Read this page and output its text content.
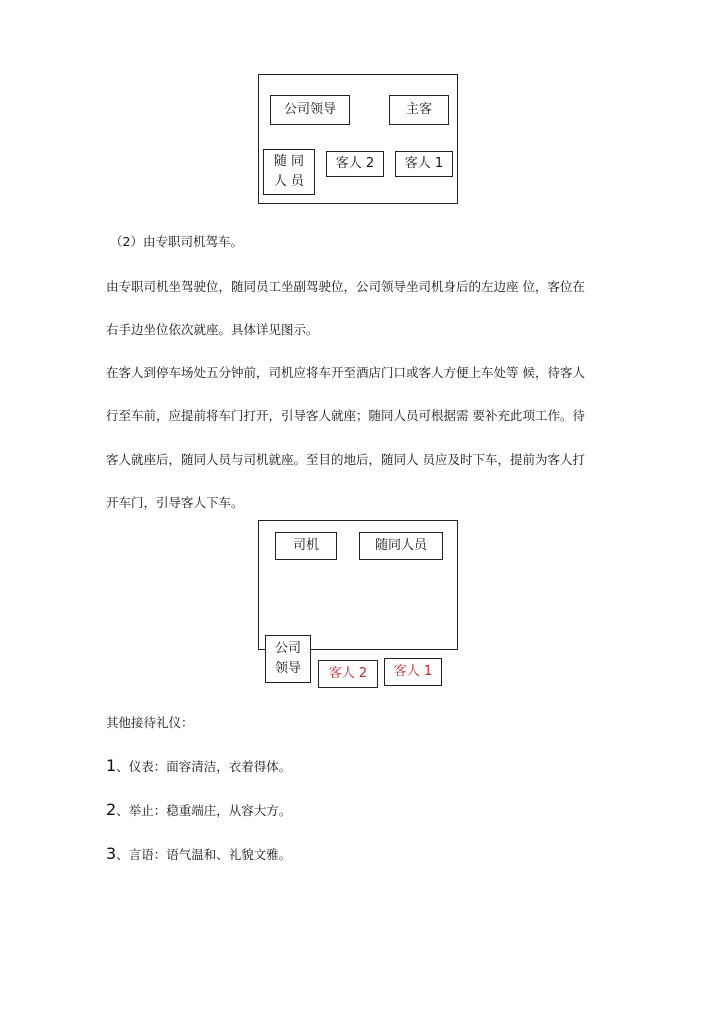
公司领导	主客
随 同
人 员
客人 2 客人 1
（2）由专职司机驾车。
由专职司机坐驾驶位，随同员工坐副驾驶位，公司领导坐司机身后的左边座 位，客位在
右手边坐位依次就座。具体详见图示。
在客人到停车场处五分钟前，司机应将车开至酒店门口或客人方便上车处等 候，待客人
行至车前，应提前将车门打开，引导客人就座；随同人员可根据需 要补充此项工作。待
客人就座后，随同人员与司机就座。至目的地后，随同人 员应及时下车，提前为客人打
开车门，引导客人下车。
司机	随同人员
公司
领导 客人 2 客人 1
其他接待礼仪：
1、仪表：面容清洁，衣着得体。
2、举止：稳重端庄，从容大方。
3、言语：语气温和、礼貌文雅。
